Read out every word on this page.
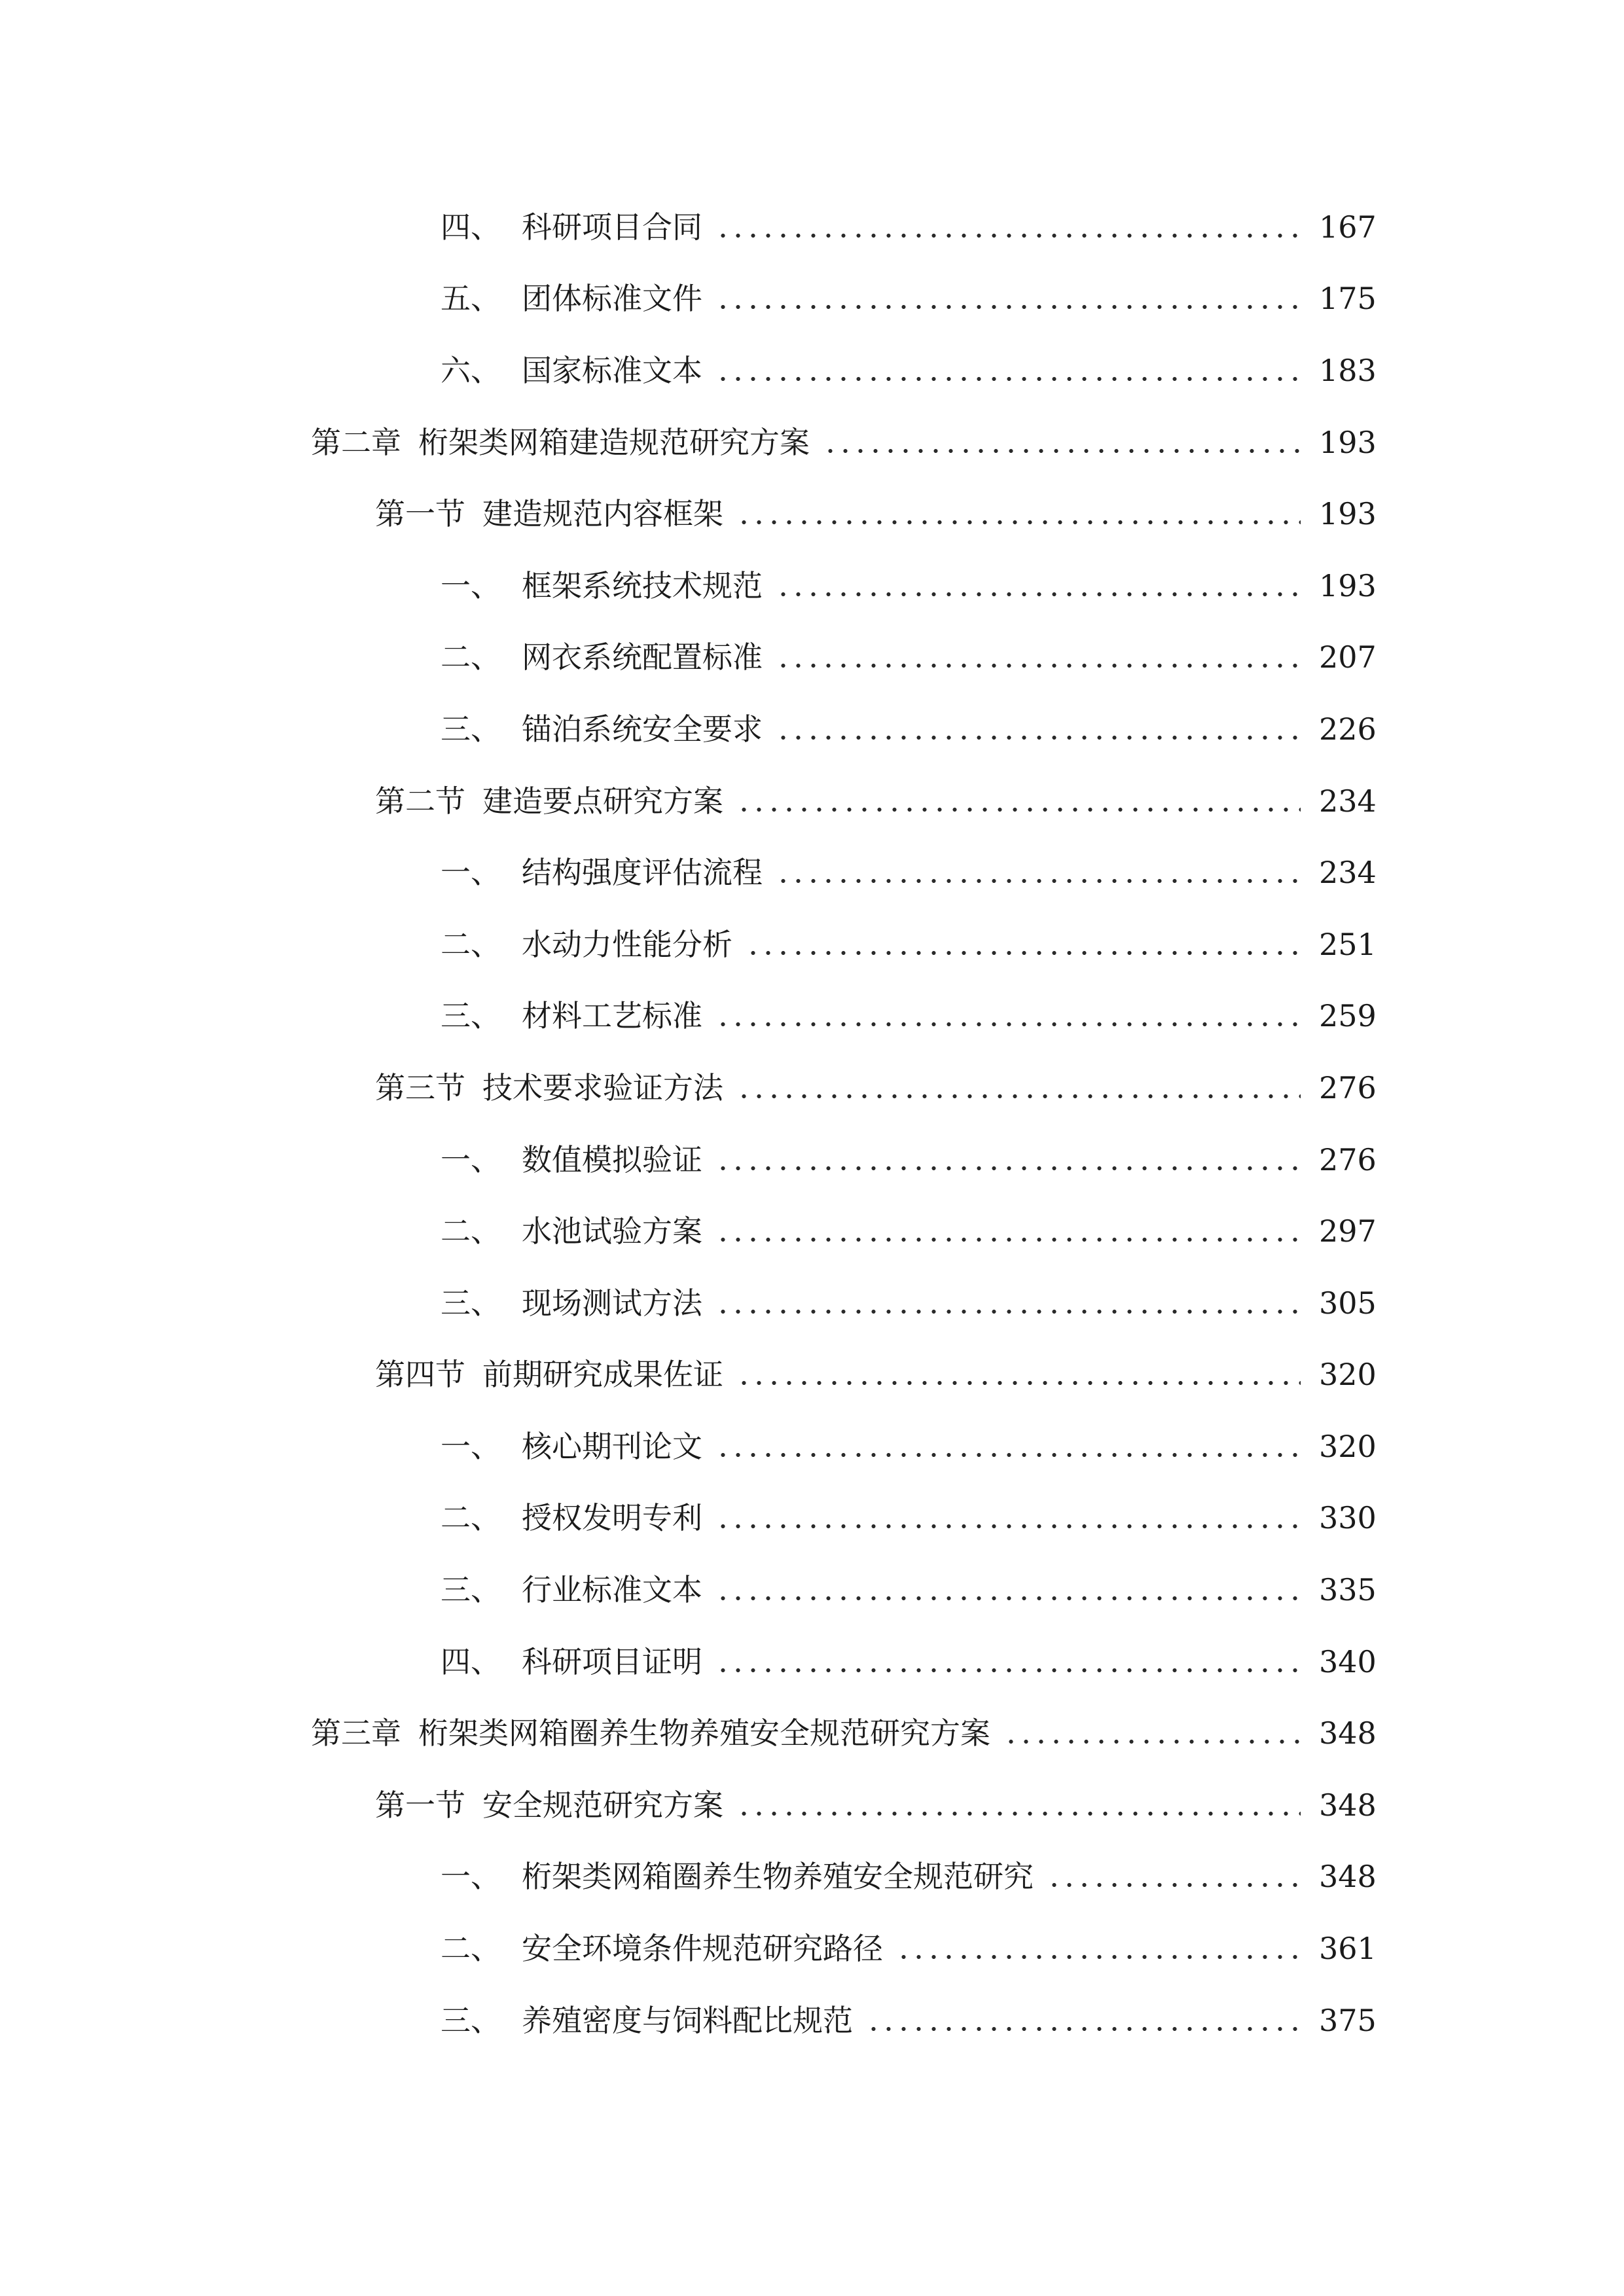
四、 科研项目合同	167
五、 团体标准文件	175
六、 国家标准文本	183
第二章 桁架类网箱建造规范研究方案	193
第一节 建造规范内容框架	193
一、 框架系统技术规范	193
二、 网衣系统配置标准	207
三、 锚泊系统安全要求	226
第二节 建造要点研究方案	234
一、 结构强度评估流程	234
二、 水动力性能分析	251
三、 材料工艺标准	259
第三节 技术要求验证方法	276
一、 数值模拟验证	276
二、 水池试验方案	297
三、 现场测试方法	305
第四节 前期研究成果佐证	320
一、 核心期刊论文	320
二、 授权发明专利	330
三、 行业标准文本	335
四、 科研项目证明	340
第三章 桁架类网箱圈养生物养殖安全规范研究方案	348
第一节 安全规范研究方案	348
一、 桁架类网箱圈养生物养殖安全规范研究	348
二、 安全环境条件规范研究路径	361
三、 养殖密度与饲料配比规范	375
